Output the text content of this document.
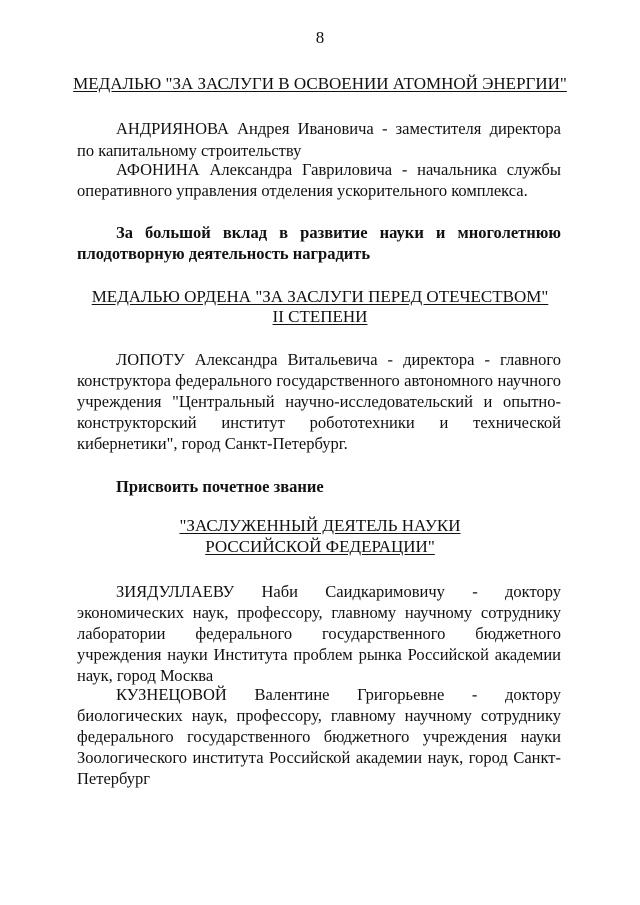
8
МЕДАЛЬЮ "ЗА ЗАСЛУГИ В ОСВОЕНИИ АТОМНОЙ ЭНЕРГИИ"
АНДРИЯНОВА Андрея Ивановича - заместителя директора
по капитальному строительству
АФОНИНА Александра Гавриловича - начальника службы
оперативного управления отделения ускорительного комплекса.
За большой вклад в развитие науки и многолетнюю
плодотворную деятельность наградить
МЕДАЛЬЮ ОРДЕНА "ЗА ЗАСЛУГИ ПЕРЕД ОТЕЧЕСТВОМ"
II СТЕПЕНИ
ЛОПОТУ Александра Витальевича - директора - главного
конструктора федерального государственного автономного научного
учреждения "Центральный научно-исследовательский и опытно-
конструкторский институт робототехники и технической
кибернетики", город Санкт-Петербург.
Присвоить почетное звание
"ЗАСЛУЖЕННЫЙ ДЕЯТЕЛЬ НАУКИ
РОССИЙСКОЙ ФЕДЕРАЦИИ"
ЗИЯДУЛЛАЕВУ Наби Саидкаримовичу - доктору
экономических наук, профессору, главному научному сотруднику
лаборатории федерального государственного бюджетного
учреждения науки Института проблем рынка Российской академии
наук, город Москва
КУЗНЕЦОВОЙ Валентине Григорьевне - доктору
биологических наук, профессору, главному научному сотруднику
федерального государственного бюджетного учреждения науки
Зоологического института Российской академии наук, город Санкт-
Петербург
